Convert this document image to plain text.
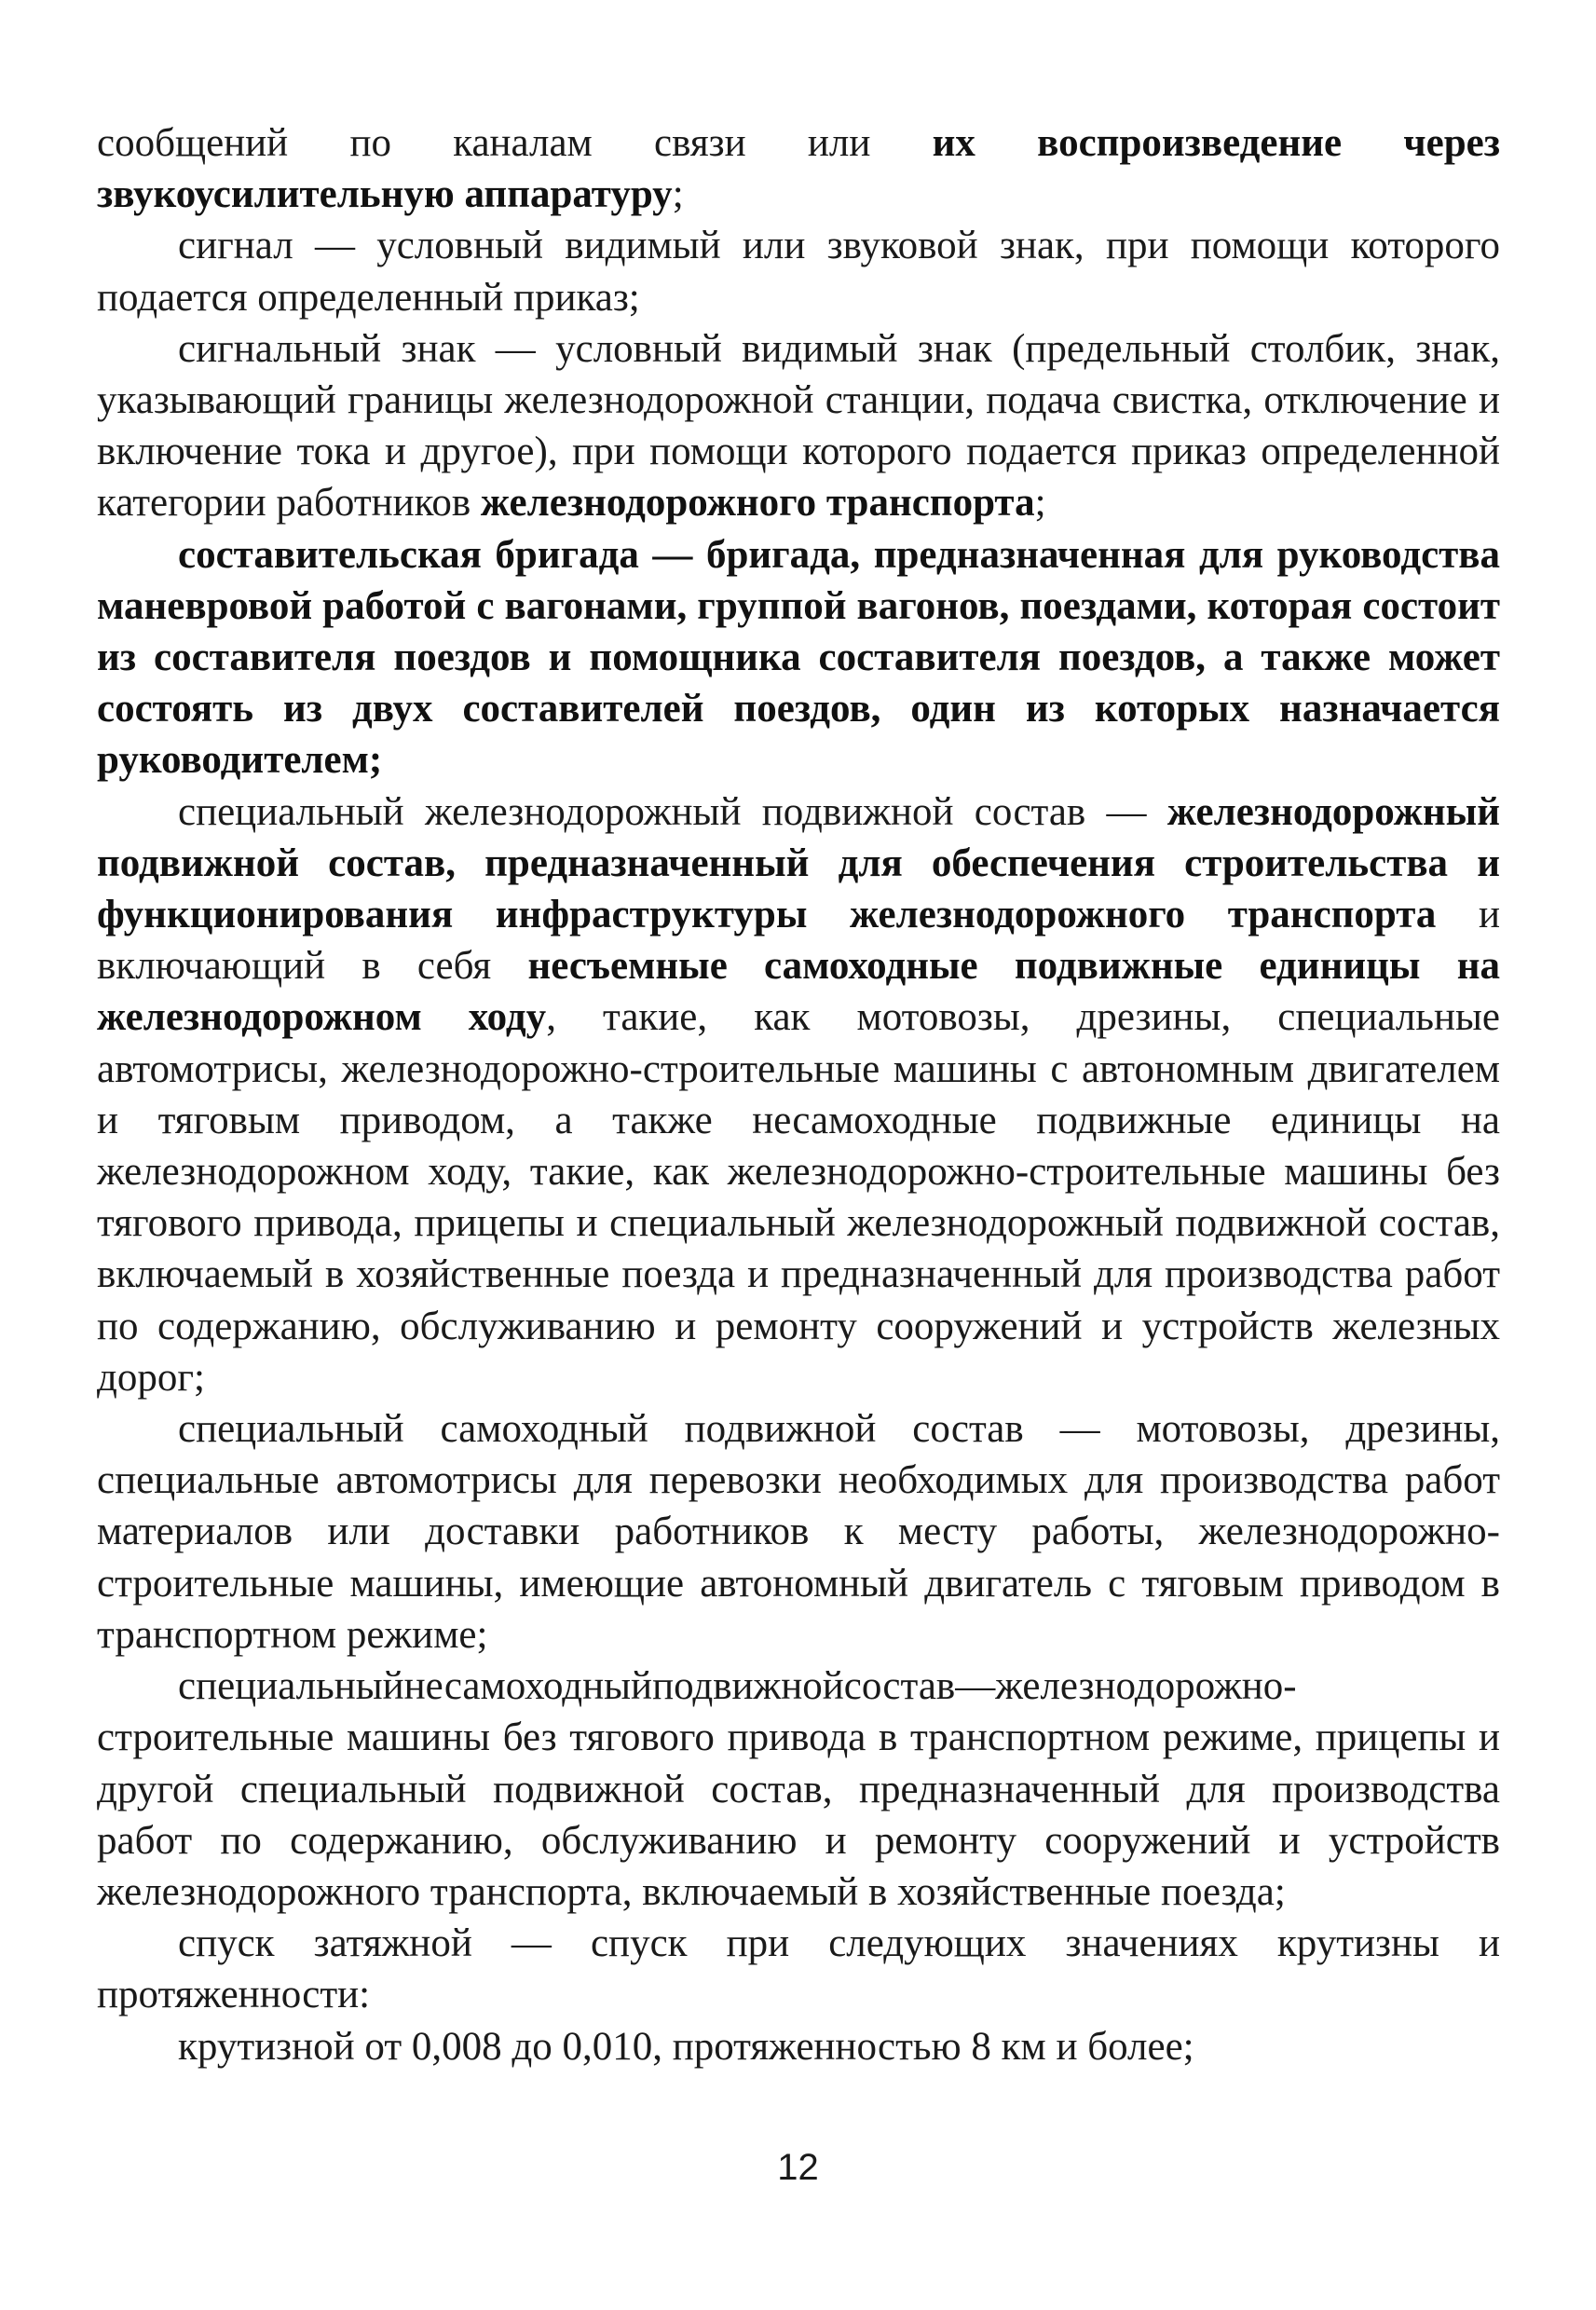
сообщений по каналам связи или их воспроизведение через звукоусилительную аппаратуру;

сигнал — условный видимый или звуковой знак, при помощи которого подается определенный приказ;

сигнальный знак — условный видимый знак (предельный столбик, знак, указывающий границы железнодорожной станции, подача свистка, отключение и включение тока и другое), при помощи которого подается приказ определенной категории работников железнодорожного транспорта;

составительская бригада — бригада, предназначенная для руководства маневровой работой с вагонами, группой вагонов, поездами, которая состоит из составителя поездов и помощника составителя поездов, а также может состоять из двух составителей поездов, один из которых назначается руководителем;

специальный железнодорожный подвижной состав — железнодорожный подвижной состав, предназначенный для обеспечения строительства и функционирования инфраструктуры железнодорожного транспорта и включающий в себя несъемные самоходные подвижные единицы на железнодорожном ходу, такие, как мотовозы, дрезины, специальные автомотрисы, железнодорожно-строительные машины с автономным двигателем и тяговым приводом, а также несамоходные подвижные единицы на железнодорожном ходу, такие, как железнодорожно-строительные машины без тягового привода, прицепы и специальный железнодорожный подвижной состав, включаемый в хозяйственные поезда и предназначенный для производства работ по содержанию, обслуживанию и ремонту сооружений и устройств железных дорог;

специальный самоходный подвижной состав — мотовозы, дрезины, специальные автомотрисы для перевозки необходимых для производства работ материалов или доставки работников к месту работы, железнодорожно-строительные машины, имеющие автономный двигатель с тяговым приводом в транспортном режиме;

специальныйнесамоходныйподвижнойсостав—железнодорожно-строительные машины без тягового привода в транспортном режиме, прицепы и другой специальный подвижной состав, предназначенный для производства работ по содержанию, обслуживанию и ремонту сооружений и устройств железнодорожного транспорта, включаемый в хозяйственные поезда;

спуск затяжной — спуск при следующих значениях крутизны и протяженности:

крутизной от 0,008 до 0,010, протяженностью 8 км и более;

12
